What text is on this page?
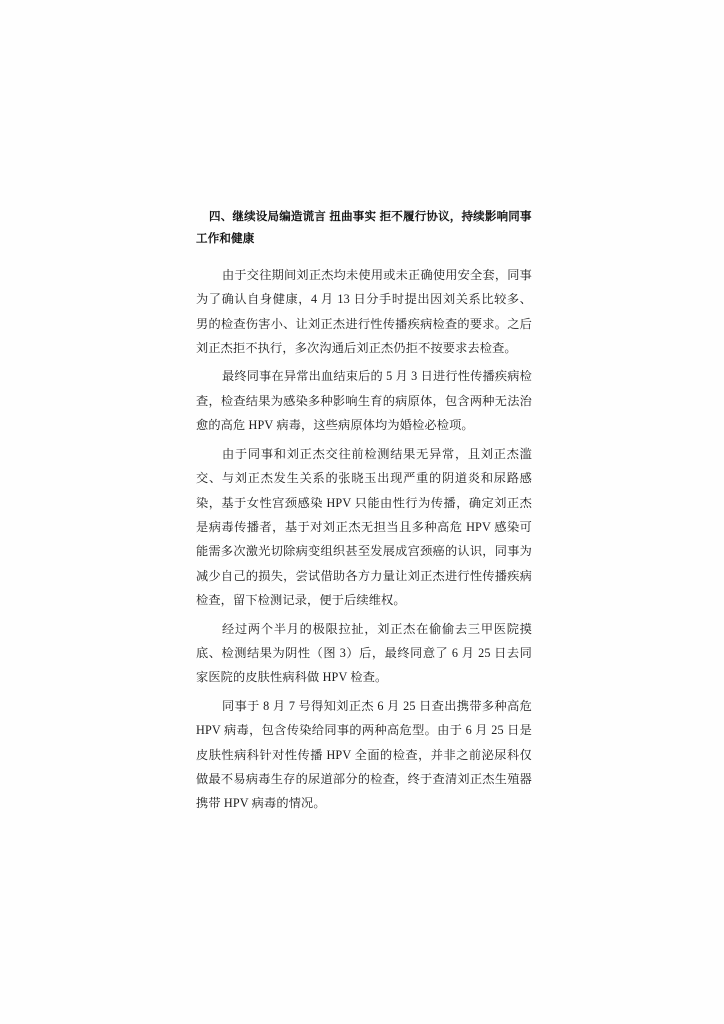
四、继续设局编造谎言 扭曲事实 拒不履行协议，持续影响同事工作和健康

由于交往期间刘正杰均未使用或未正确使用安全套，同事为了确认自身健康，4 月 13 日分手时提出因刘关系比较多、男的检查伤害小、让刘正杰进行性传播疾病检查的要求。之后刘正杰拒不执行，多次沟通后刘正杰仍拒不按要求去检查。

最终同事在异常出血结束后的 5 月 3 日进行性传播疾病检查，检查结果为感染多种影响生育的病原体，包含两种无法治愈的高危 HPV 病毒，这些病原体均为婚检必检项。

由于同事和刘正杰交往前检测结果无异常，且刘正杰滥交、与刘正杰发生关系的张晓玉出现严重的阴道炎和尿路感染，基于女性宫颈感染 HPV 只能由性行为传播，确定刘正杰是病毒传播者，基于对刘正杰无担当且多种高危 HPV 感染可能需多次激光切除病变组织甚至发展成宫颈癌的认识，同事为减少自己的损失，尝试借助各方力量让刘正杰进行性传播疾病检查，留下检测记录，便于后续维权。

经过两个半月的极限拉扯，刘正杰在偷偷去三甲医院摸底、检测结果为阴性（图 3）后，最终同意了 6 月 25 日去同家医院的皮肤性病科做 HPV 检查。

同事于 8 月 7 号得知刘正杰 6 月 25 日查出携带多种高危 HPV 病毒，包含传染给同事的两种高危型。由于 6 月 25 日是皮肤性病科针对性传播 HPV 全面的检查，并非之前泌尿科仅做最不易病毒生存的尿道部分的检查，终于查清刘正杰生殖器携带 HPV 病毒的情况。
